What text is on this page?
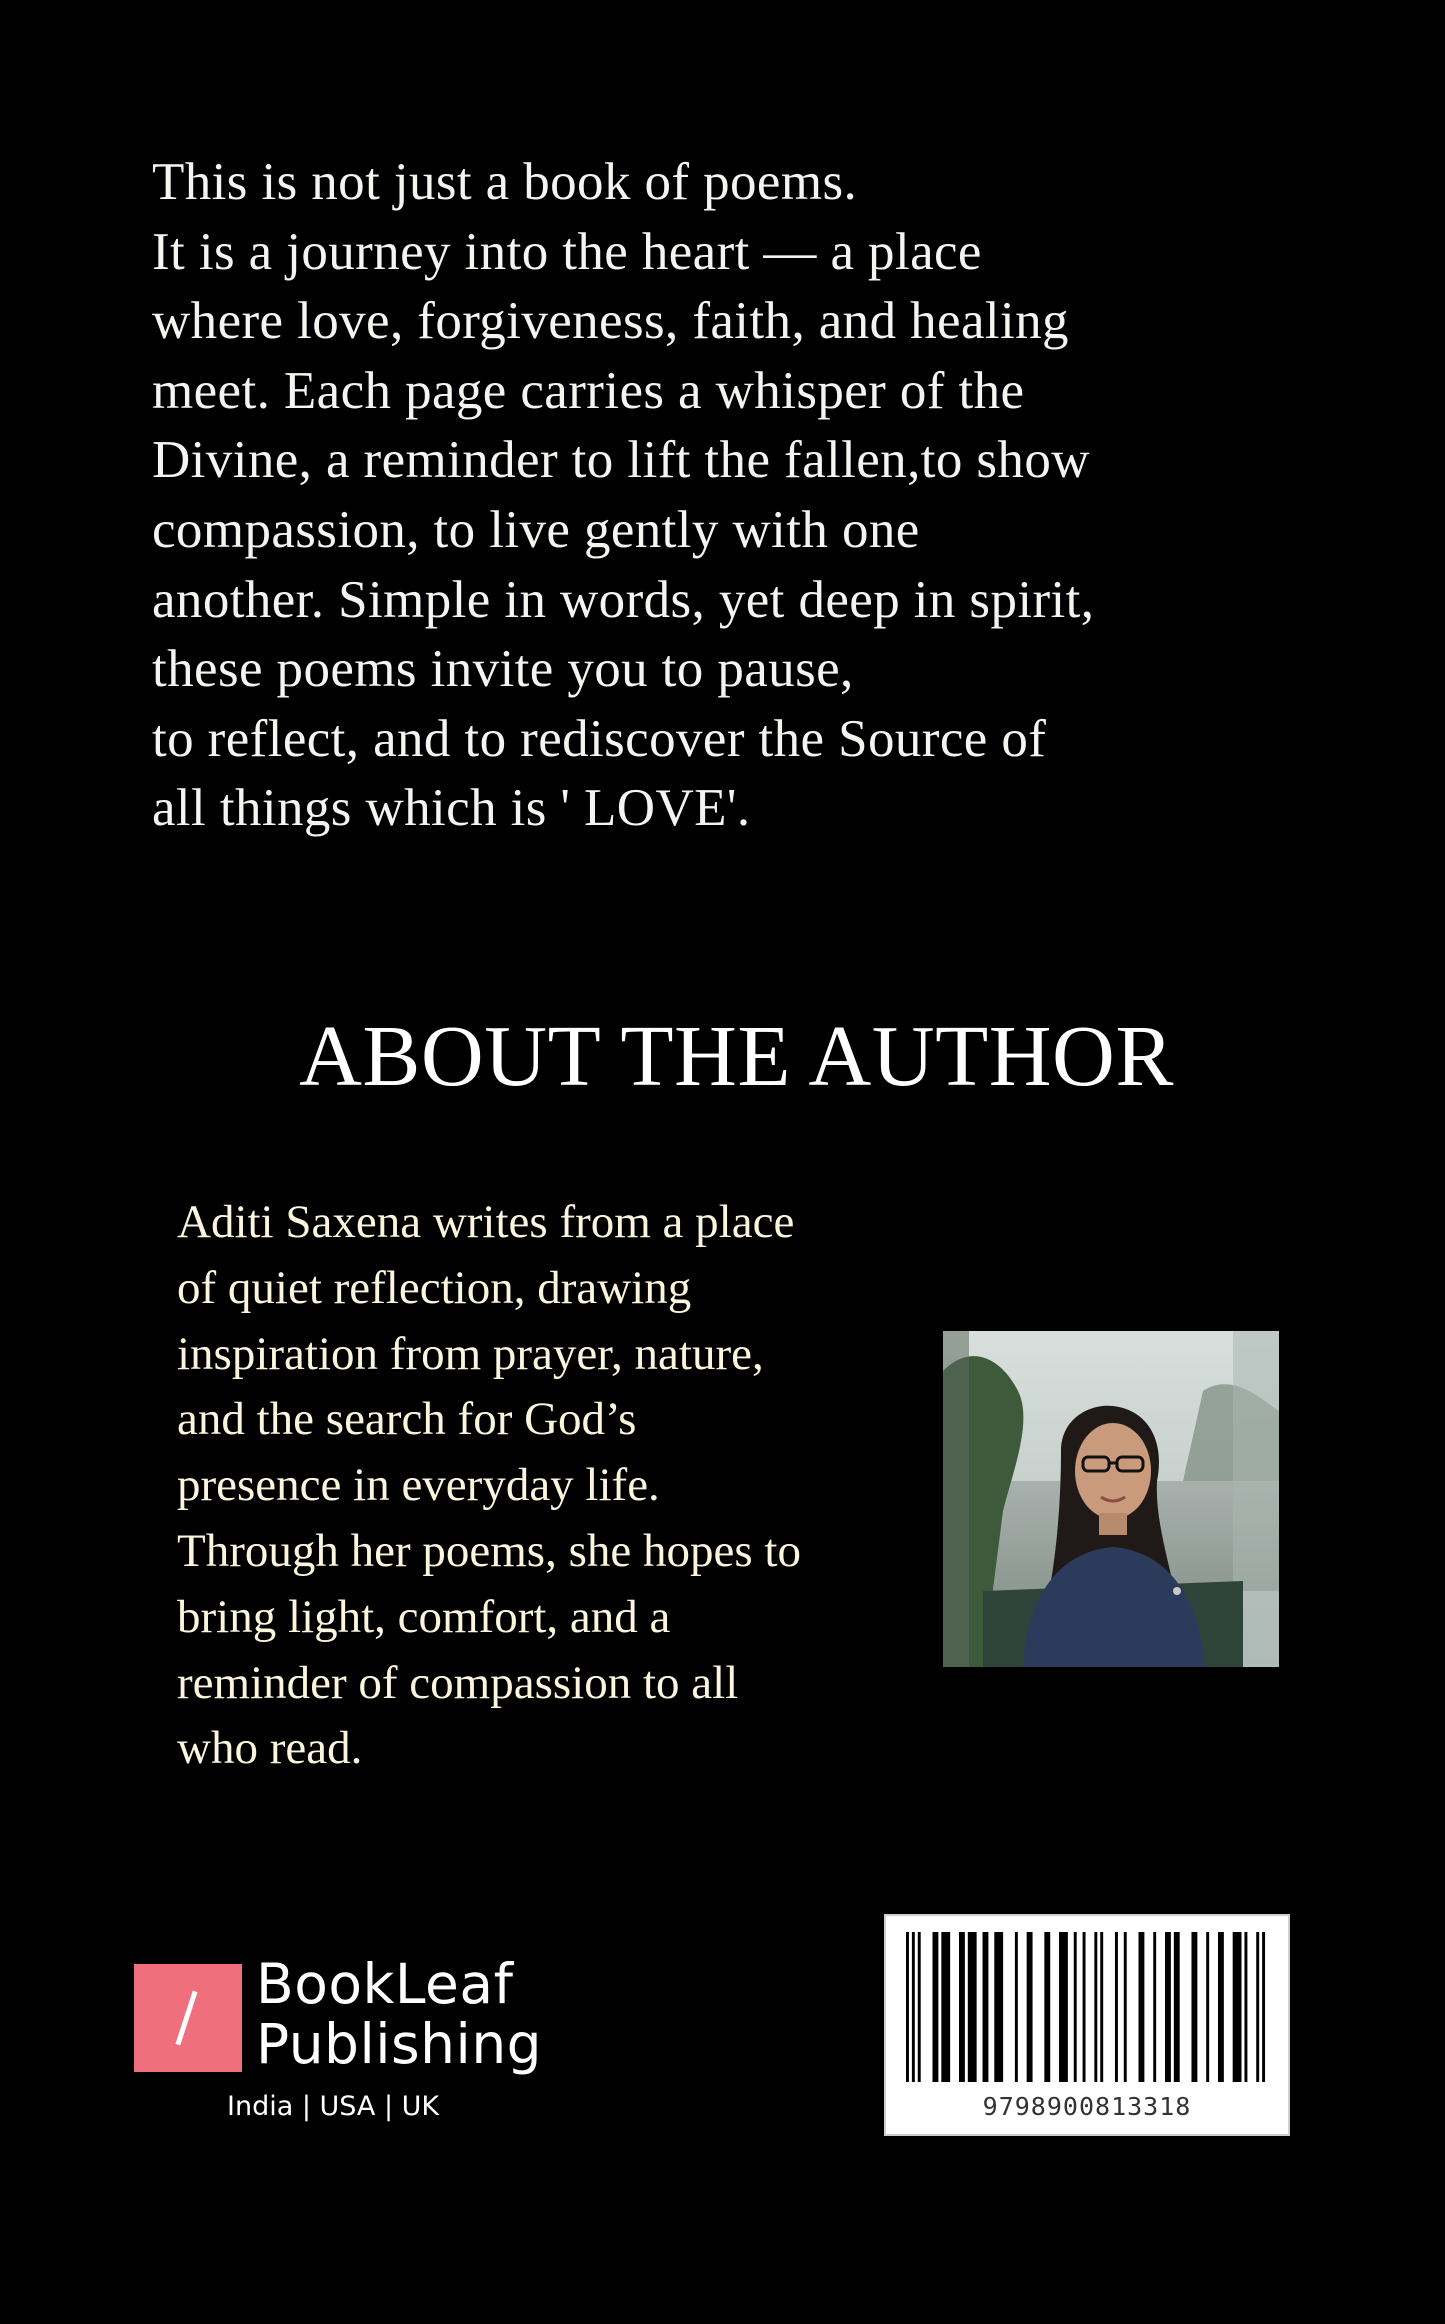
This is not just a book of poems.
It is a journey into the heart — a place
where love, forgiveness, faith, and healing
meet. Each page carries a whisper of the
Divine, a reminder to lift the fallen,to show
compassion, to live gently with one
another. Simple in words, yet deep in spirit,
these poems invite you to pause,
to reflect, and to rediscover the Source of
all things which is ' LOVE'.
ABOUT THE AUTHOR
Aditi Saxena writes from a place
of quiet reflection, drawing
inspiration from prayer, nature,
and the search for God’s
presence in everyday life.
Through her poems, she hopes to
bring light, comfort, and a
reminder of compassion to all
who read.
BookLeaf
Publishing
India | USA | UK	9798900813318
